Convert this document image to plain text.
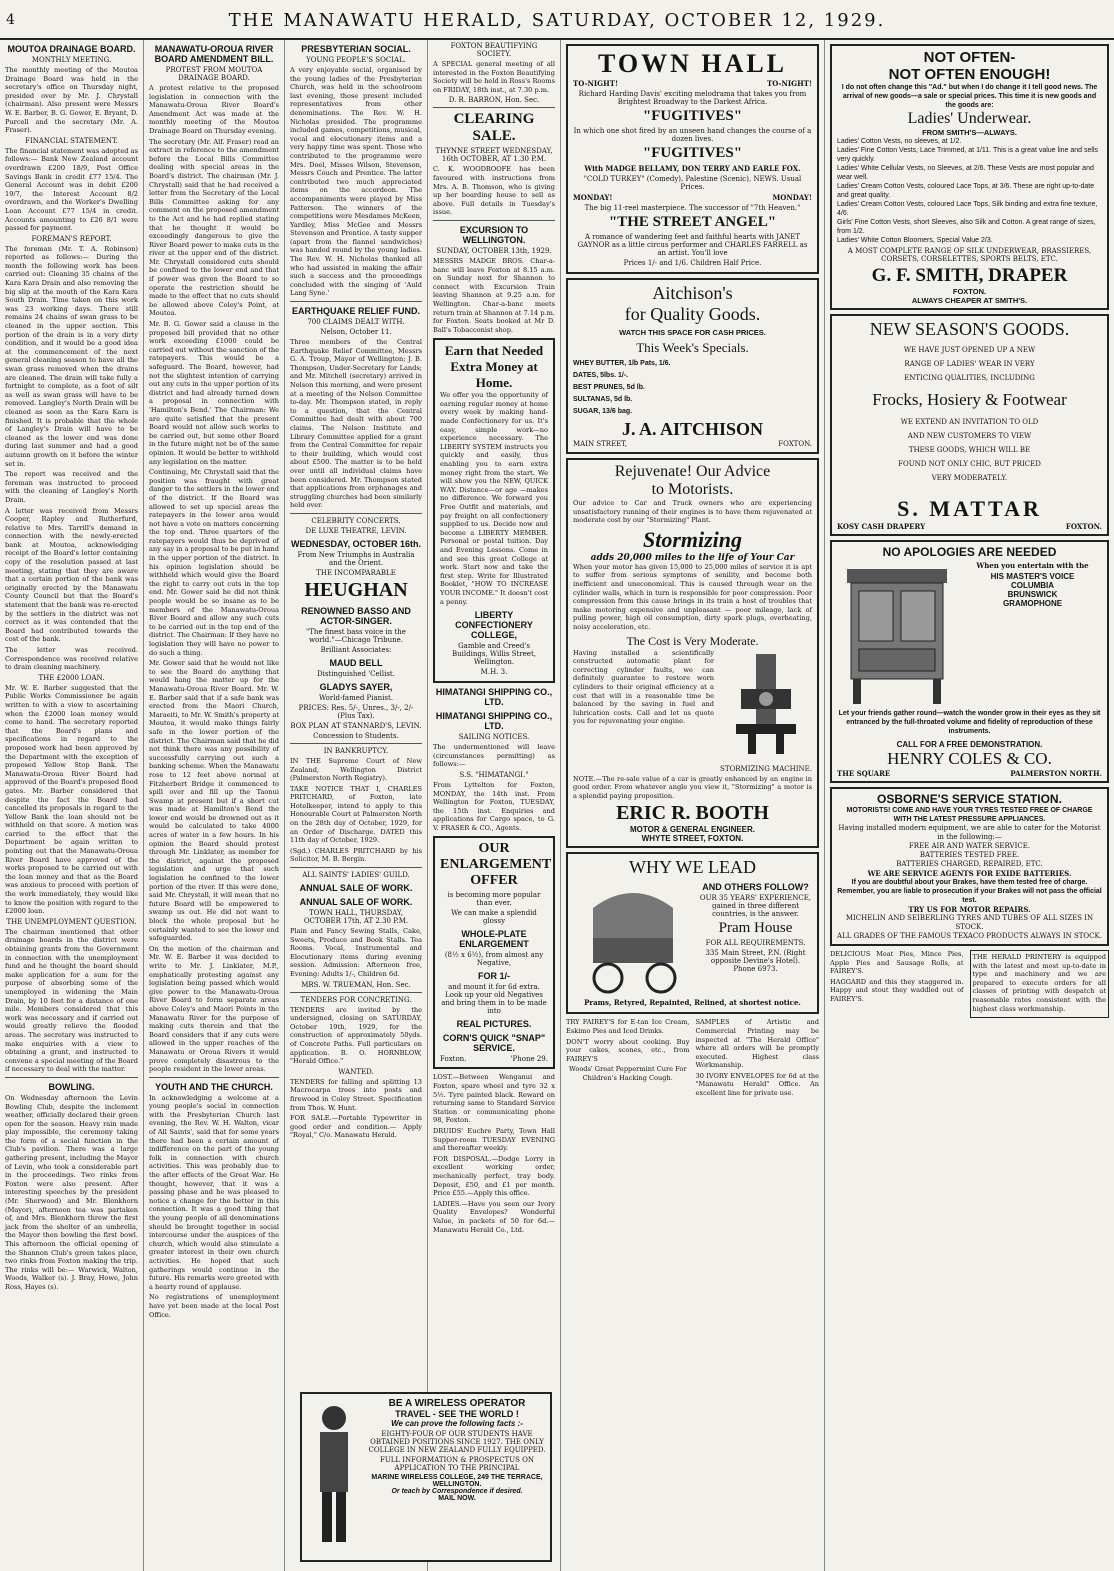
4	THE MANAWATU HERALD, SATURDAY, OCTOBER 12, 1929.
MOUTOA DRAINAGE BOARD.
MONTHLY MEETING.

The monthly meeting of the Moutoa Drainage Board was held in the secretary's office on Thursday night, presided over by Mr. J. Chrystall (chairman). Also present were Messrs W. E. Barber, B. G. Gower, E. Bryant, D. Purcell and the secretary (Mr. A. Fraser).

FINANCIAL STATEMENT.

The financial statement was adopted as follows:— Bank New Zealand account overdrawn £200 18/9, Post Office Savings Bank in credit £77 15/4. The General Account was in debit £200 19/7, the Interest Account 8/2 overdrawn, and the Worker's Dwelling Loan Account £77 15/4 in credit. Accounts amounting to £26 8/1 were passed for payment.

FOREMAN'S REPORT.

The foreman (Mr. T. A. Robinson) reported as follows:— During the month the following work has been carried out: Cleaning 35 chains of the Kara Kara Drain and also removing the big slip at the mouth of the Kara Kara South Drain. Time taken on this work was 23 working days. There still remains 24 chains of swan grass to be cleaned in the upper section. This portion of the drain is in a very dirty condition, and it would be a good idea at the commencement of the next general cleaning season to have all the swan grass removed when the drains are cleaned. The drain will take fully a fortnight to complete, as a foot of silt as well as swan grass will have to be removed. Langley's North Drain will be cleaned as soon as the Kara Kara is finished. It is probable that the whole of Langley's Drain will have to be cleaned as the lower end was done during last summer and had a good autumn growth on it before the winter set in.

The report was received and the foreman was instructed to proceed with the cleaning of Langley's North Drain.

A letter was received from Messrs Cooper, Rapley and Rutherfurd, relative to Mrs. Tarrill's demand in connection with the newly-erected bank at Moutoa, acknowledging receipt of the Board's letter containing copy of the resolution passed at last meeting, stating that they are aware that a certain portion of the bank was originally erected by the Manawatu County Council but that the Board's statement that the bank was re-erected by the settlers in the district was not correct as it was contended that the Board had contributed towards the cost of the bank.

The letter was received. Correspondence was received relative to drain cleaning machinery.

THE £2000 LOAN.

Mr. W. E. Barber suggested that the Public Works Commissioner be again written to with a view to ascertaining when the £2000 loan money would come to hand. The secretary reported that the Board's plans and specifications in regard to the proposed work had been approved by the Department with the exception of proposed Yellow Stop Bank. The Manawatu-Oroua River Board had approved of the Board's proposed flood gates. Mr. Barber considered that despite the fact the Board had cancelled its proposals in regard to the Yellow Bank the loan should not be withheld on that score. A motion was carried to the effect that the Department be again written to pointing out that the Manawatu-Oroua River Board have approved of the works proposed to be carried out with the loan money and that as the Board was anxious to proceed with portion of the work immediately, they would like to know the position with regard to the £2000 loan.

THE UNEMPLOYMENT QUESTION.

The chairman mentioned that other drainage boards in the district were obtaining grants from the Government in connection with the unemployment fund and he thought the board should make application for a sum for the purpose of absorbing some of the unemployed in widening the Main Drain, by 10 feet for a distance of one mile. Members considered that this work was necessary and if carried out would greatly relieve the flooded areas. The secretary was instructed to make enquiries with a view to obtaining a grant, and instructed to convene a special meeting of the Board if necessary to deal with the matter.

BOWLING.

On Wednesday afternoon the Levin Bowling Club, despite the inclement weather, officially declared their green open for the season. Heavy rain made play impossible, the ceremony taking the form of a social function in the Club's pavilion. There was a large gathering present, including the Mayor of Levin, who took a considerable part in the proceedings. Two rinks from Foxton were also present. After interesting speeches by the president (Mr. Sherwood) and Mr. Blenkhorn (Mayor), afternoon tea was partaken of, and Mrs. Blenkhorn threw the first jack from the shelter of an umbrella, the Mayor then bowling the first bowl. This afternoon the official opening of the Shannon Club's green takes place, two rinks from Foxton making the trip. The rinks will be:— Warwick, Walton, Woods, Walker (s). J. Bray, Howe, John Ross, Hayes (s).

MANAWATU-OROUA RIVER BOARD AMENDMENT BILL.
PROTEST FROM MOUTOA DRAINAGE BOARD.

A protest relative to the proposed legislation in connection with the Manawatu-Oroua River Board's Amendment Act was made at the monthly meeting of the Moutoa Drainage Board on Thursday evening.

The secretary (Mr. Alf. Fraser) read an extract in reference to the amendment before the Local Bills Committee dealing with special areas in the Board's district. The chairman (Mr. J. Chrystall) said that he had received a letter from the Secretary of the Local Bills Committee asking for any comment on the proposed amendment to the Act and he had replied stating that he thought it would be exceedingly dangerous to give the River Board power to make cuts in the river at the upper end of the district. Mr. Chrystall considered cuts should be confined to the lower end and that if power was given the Board to so operate the restriction should be made to the effect that no cuts should be allowed above Coley's Point, at Moutoa.

Mr. B. G. Gower said a clause in the proposed bill provided that no other work exceeding £1000 could be carried out without the sanction of the ratepayers. This would be a safeguard. The Board, however, had not the slightest intention of carrying out any cuts in the upper portion of its district and had already turned down a proposal in connection with 'Hamilton's Bend.' The Chairman: We are quite satisfied that the present Board would not allow such works to be carried out, but some other Board in the future might not be of the same opinion. It would be better to withhold any legislation on the matter.

Continuing, Mr. Chrystall said that the position was fraught with great danger to the settlers in the lower end of the district. If the Board was allowed to set up special areas the ratepayers in the lower area would not have a vote on matters concerning the top end. Three quarters of the ratepayers would thus be deprived of any say in a proposal to be put in hand in the upper portion of the district. In his opinion legislation should be withheld which would give the Board the right to carry out cuts in the top end. Mr. Gower said he did not think people would be so insane as to be members of the Manawatu-Oroua River Board and allow any such cuts to be carried out in the top end of the district. The Chairman: If they have no legislation they will have no power to do such a thing.

Mr. Gower said that he would not like to see the Board do anything that would hang the matter up for the Manawatu-Oroua River Board. Mr. W. E. Barber said that if a safe bank was erected from the Maori Church, Maraeiti, to Mr. W. Smith's property at Moutoa, it would make things fairly safe in the lower portion of the district. The Chairman said that he did not think there was any possibility of successfully carrying out such a banking scheme. When the Manawatu rose to 12 feet above normal at Fitzherbert Bridge it commenced to spill over and fill up the Taonui Swamp at present but if a short cut was made at Hamilton's Bend the lower end would be drowned out as it would be calculated to take 4000 acres of water in a few hours. In his opinion the Board should protest through Mr. Linklater, as member for the district, against the proposed legislation and urge that such legislation be confined to the lower portion of the river. If this were done, said Mr. Chrystall, it will mean that no future Board will be empowered to swamp us out. He did not want to block the whole proposal but he certainly wanted to see the lower end safeguarded.

On the motion of the chairman and Mr. W. E. Barber it was decided to write to Mr. J. Linklater, M.P., emphatically protesting against any legislation being passed which would give power to the Manawatu-Oroua River Board to form separate areas above Coley's and Maori Points in the Manawatu River for the purpose of making cuts therein and that the Board considers that if any cuts were allowed in the upper reaches of the Manawatu or Oroua Rivers it would prove completely disastrous to the people resident in the lower areas.

YOUTH AND THE CHURCH.

In acknowledging a welcome at a young people's social in connection with the Presbyterian Church last evening, the Rev. W. H. Walton, vicar of All Saints', said that for some years there had been a certain amount of indifference on the part of the young folk in connection with church activities. This was probably due to the after effects of the Great War. He thought, however, that it was a passing phase and he was pleased to notice a change for the better in this connection. It was a good thing that the young people of all denominations should be brought together in social intercourse under the auspices of the church, which would also stimulate a greater interest in their own church activities. He hoped that such gatherings would continue in the future. His remarks were greeted with a hearty round of applause.

No registrations of unemployment have yet been made at the local Post Office.

PRESBYTERIAN SOCIAL.
YOUNG PEOPLE'S SOCIAL.

A very enjoyable social, organised by the young ladies of the Presbyterian Church, was held in the schoolroom last evening, those present included representatives from other denominations. The Rev. W. H. Nicholas presided. The programme included games, competitions, musical, vocal and elocutionary items and a very happy time was spent. Those who contributed to the programme were Mrs. Doel, Misses Wilson, Stevenson, Messrs Couch and Prentice. The latter contributed two much appreciated items on the accordeon. The accompaniments were played by Miss Patterson. The winners of the competitions were Mesdames McKeen, Yardley, Miss McGee and Messrs Stevenson and Prentice. A tasty supper (apart from the flannel sandwiches) was handed round by the young ladies. The Rev. W. H. Nicholas thanked all who had assisted in making the affair such a success and the proceedings concluded with the singing of 'Auld Lang Syne.'

EARTHQUAKE RELIEF FUND.
700 CLAIMS DEALT WITH.
Nelson, October 11.

Three members of the Central Earthquake Relief Committee, Messrs G. A. Troup, Mayor of Wellington; J. B. Thompson, Under-Secretary for Lands; and Mr. Mitchell (secretary) arrived in Nelson this morning, and were present at a meeting of the Nelson Committee to-day. Mr. Thompson stated, in reply to a question, that the Central Committee had dealt with about 700 claims. The Nelson Institute and Library Committee applied for a grant from the Central Committee for repair to their building, which would cost about £500. The matter is to be held over until all individual claims have been considered. Mr. Thompson stated that applications from orphanages and struggling churches had been similarly held over.

CELEBRITY CONCERTS.
DE LUXE THEATRE, LEVIN.
WEDNESDAY, OCTOBER 16th.
From New Triumphs in Australia and the Orient.
THE INCOMPARABLE
HEUGHAN
RENOWNED BASSO AND ACTOR-SINGER.
"The finest bass voice in the world."—Chicago Tribune.
Brilliant Associates:
MAUD BELL
Distinguished 'Cellist.
GLADYS SAYER,
World-famed Pianist.
PRICES: Res. 5/-, Unres., 3/-, 2/- (Plus Tax).
BOX PLAN AT STANNARD'S, LEVIN.
Concession to Students.
IN BANKRUPTCY.

IN THE Supreme Court of New Zealand, Wellington District (Palmerston North Registry).

TAKE NOTICE THAT I, CHARLES PRITCHARD, of Foxton, late Hotelkeeper, intend to apply to this Honourable Court at Palmerston North on the 28th day of October, 1929, for an Order of Discharge. DATED this 11th day of October, 1929.

(Sgd.) CHARLES PRITCHARD by his Solicitor, M. B. Bergin.

ALL SAINTS' LADIES' GUILD.
ANNUAL SALE OF WORK.
ANNUAL SALE OF WORK.
TOWN HALL, THURSDAY, OCTOBER 17th, AT 2.30 P.M.

Plain and Fancy Sewing Stalls, Cake, Sweets, Produce and Book Stalls. Tea Rooms. Vocal, Instrumental and Elocutionary items during evening session. Admission: Afternoon free, Evening: Adults 1/-, Children 6d.

MRS. W. TRUEMAN, Hon. Sec.
TENDERS FOR CONCRETING.

TENDERS are invited by the undersigned, closing on SATURDAY, October 19th, 1929, for the construction of approximately 50yds. of Concrete Paths. Full particulars on application. B. O. HORNBLOW, "Herald Office."

WANTED.

TENDERS for falling and splitting 13 Macrocarpa trees into posts and firewood in Coley Street. Specification from Thos. W. Hunt.

FOR SALE.—Portable Typewriter in good order and condition.— Apply "Royal," C/o. Manawatu Herald.

FOXTON BEAUTIFYING SOCIETY.

A SPECIAL general meeting of all interested in the Foxton Beautifying Society will be held in Ross's Rooms on FRIDAY, 18th inst., at 7.30 p.m.

D. R. BARRON, Hon. Sec.
CLEARING SALE.
THYNNE STREET WEDNESDAY, 16th OCTOBER, AT 1.30 P.M.

C. K. WOODROOFE has been favoured with instructions from Mrs. A. B. Thomson, who is giving up her boarding house to sell as above. Full details in Tuesday's issue.

EXCURSION TO WELLINGTON.
SUNDAY, OCTOBER 13th, 1929.

MESSRS MADGE BROS. Char-a-banc will leave Foxton at 8.15 a.m. on Sunday next for Shannon to connect with Excursion Train leaving Shannon at 9.25 a.m. for Wellington. Char-a-banc meets return train at Shannon at 7.14 p.m. for Foxton. Seats booked at Mr D. Ball's Tobacconist shop.

Earn that Needed Extra Money at Home.

We offer you the opportunity of earning regular money at home every week by making hand-made Confectionery for us. It's easy, simple work—no experience necessary. The LIBERTY SYSTEM instructs you quickly and easily, thus enabling you to earn extra money right from the start. We will show you the NEW, QUICK WAY. Distance—or age —makes no difference. We forward you Free Outfit and materials, and pay freight on all confectionery supplied to us. Decide now and become a LIBERTY MEMBER. Personal or postal tuition. Day and Evening Lessons. Come in and see this great College at work. Start now and take the first step. Write for Illustrated Booklet, "HOW TO INCREASE YOUR INCOME." It doesn't cost a penny.

LIBERTY CONFECTIONERY COLLEGE,
Gamble and Creed's Buildings, Willis Street, Wellington.
M.H. 3.
HIMATANGI SHIPPING CO., LTD.
HIMATANGI SHIPPING CO., LTD.
SAILING NOTICES.

The undermentioned will leave (circumstances permitting) as follows:—

S.S. "HIMATANGI."

From Lyttelton for Foxton, MONDAY, the 14th inst. From Wellington for Foxton, TUESDAY, the 15th inst. Enquiries and applications for Cargo space, to G. V. FRASER & CO., Agents.

OUR
ENLARGEMENT
OFFER
is becoming more popular than ever.
We can make a splendid glossy
WHOLE-PLATE ENLARGEMENT
(8½ x 6½), from almost any Negative,
FOR 1/-
and mount it for 6d extra. Look up your old Negatives and bring them in to be made into
REAL PICTURES.
CORN'S QUICK "SNAP" SERVICE.
Foxton.	'Phone 29.

LOST.—Between Wenganui and Foxton, spare wheel and tyre 32 x 5½. Tyre painted black. Reward on returning same to Standard Service Station or communicating phone 98, Foxton.

DRUIDS' Euchre Party, Town Hall Supper-room TUESDAY EVENING and thereafter weekly.

FOR DISPOSAL.—Dodge Lorry in excellent working order, mechanically perfect, tray body. Deposit, £50, and £1 per month. Price £55.—Apply this office.

LADIES.—Have you seen our Ivory Quality Envelopes? Wonderful Value, in packets of 50 for 6d.—Manawatu Herald Co., Ltd.

BE A WIRELESS OPERATOR
TRAVEL - SEE THE WORLD !
We can prove the following facts :-
EIGHTY-FOUR OF OUR STUDENTS HAVE OBTAINED POSITIONS SINCE 1927. THE ONLY COLLEGE IN NEW ZEALAND FULLY EQUIPPED.
FULL INFORMATION & PROSPECTUS ON APPLICATION TO THE PRINCIPAL
MARINE WIRELESS COLLEGE, 249 THE TERRACE, WELLINGTON.
Or teach by Correspondence if desired.
MAIL NOW.
TOWN HALL
TO-NIGHT!	TO-NIGHT!
Richard Harding Davis' exciting melodrama that takes you from Brightest Broadway to the Darkest Africa.
"FUGITIVES"
In which one shot fired by an unseen hand changes the course of a dozen lives.
"FUGITIVES"
With MADGE BELLAMY, DON TERRY AND EARLE FOX.
"COLD TURKEY" (Comedy), Palestine (Scenic), NEWS. Usual Prices.
MONDAY!	MONDAY!
The big 11-reel masterpiece. The successor of "7th Heaven."
"THE STREET ANGEL"
A romance of wandering feet and faithful hearts with JANET GAYNOR as a little circus performer and CHARLES FARRELL as an artist. You'll love
Prices 1/- and 1/6. Children Half Price.
Aitchison's
for Quality Goods.
WATCH THIS SPACE FOR CASH PRICES.
This Week's Specials.
WHEY BUTTER, 1lb Pats, 1/6.
DATES, 5lbs. 1/-.
BEST PRUNES, 5d lb.
SULTANAS, 5d lb.
SUGAR, 13/6 bag.
J. A. AITCHISON
MAIN STREET,	FOXTON.
Rejuvenate! Our Advice
to Motorists.

Our advice to Car and Truck owners who are experiencing unsatisfactory running of their engines is to have them rejuvenated at moderate cost by our "Stormizing" Plant.

Stormizing
adds 20,000 miles to the life of Your Car

When your motor has given 15,000 to 25,000 miles of service it is apt to suffer from serious symptoms of senility, and become both inefficient and uneconomical. This is caused through wear on the cylinder walls, which in turn is responsible for poor compression. Poor compression from this cause brings in its train a host of troubles that make motoring expensive and unpleasant — poor mileage, lack of pulling power, high oil consumption, dirty spark plugs, overheating, noisy acceleration, etc.

The Cost is Very Moderate.

Having installed a scientifically constructed automatic plant for correcting cylinder faults, we can definitely guarantee to restore worn cylinders to their original efficiency at a cost that will in a reasonable time be balanced by the saving in fuel and lubrication costs. Call and let us quote you for rejuvenating your engine.

STORMIZING MACHINE.

NOTE.—The re-sale value of a car is greatly enhanced by an engine in good order. From whatever angle you view it, "Stormizing" a motor is a splendid paying proposition.

ERIC R. BOOTH
MOTOR & GENERAL ENGINEER.
WHYTE STREET, FOXTON.
WHY WE LEAD
AND OTHERS FOLLOW?
OUR 35 YEARS' EXPERIENCE, gained in three different countries, is the answer.
Pram House
FOR ALL REQUIREMENTS.
335 Main Street, P.N. (Right opposite Devine's Hotel). Phone 6973.
Prams, Retyred, Repainted, Relined, at shortest notice.

TRY FAIREY'S for E-tan Ice Cream, Eskimo Pies and Iced Drinks.

DON'T worry about cooking. Buy your cakes, scones, etc., from FAIREY'S

Woods' Great Peppermint Cure For Children's Hacking Cough.

SAMPLES of Artistic and Commercial Printing may be inspected at "The Herald Office" where all orders will be promptly executed. Highest class Workmanship.

30 IVORY ENVELOPES for 6d at the "Manawatu Herald" Office. An excellent line for private use.

NOT OFTEN-
NOT OFTEN ENOUGH!
I do not often change this "Ad." but when I do change it I tell good news. The arrival of new goods—a sale or special prices. This time it is new goods and the goods are:
Ladies' Underwear.
FROM SMITH'S—ALWAYS.
Ladies' Cotton Vests, no sleeves, at 1/2.
Ladies' Fine Cotton Vests, Lace Trimmed, at 1/11. This is a great value line and sells very quickly.
Ladies' White Cellular Vests, no Sleeves, at 2/6. These Vests are most popular and wear well.
Ladies' Cream Cotton Vests, coloured Lace Tops, at 3/6. These are right up-to-date and great quality.
Ladies' Cream Cotton Vests, coloured Lace Tops, Silk binding and extra fine texture, 4/6.
Girls' Fine Cotton Vests, short Sleeves, also Silk and Cotton. A great range of sizes, from 1/2.
Ladies' White Cotton Bloomers, Special Value 2/3.
A MOST COMPLETE RANGE OF SILK UNDERWEAR, BRASSIERES, CORSETS, CORSELETTES, SPORTS BELTS, ETC.
G. F. SMITH, DRAPER
FOXTON.
ALWAYS CHEAPER AT SMITH'S.
NEW SEASON'S GOODS.
WE HAVE JUST OPENED UP A NEW
RANGE OF LADIES' WEAR IN VERY
ENTICING QUALITIES, INCLUDING
Frocks, Hosiery & Footwear
WE EXTEND AN INVITATION TO OLD
AND NEW CUSTOMERS TO VIEW
THESE GOODS, WHICH WILL BE
FOUND NOT ONLY CHIC, BUT PRICED
VERY MODERATELY.
S. MATTAR
KOSY CASH DRAPERY	FOXTON.
NO APOLOGIES ARE NEEDED
When you entertain with the
HIS MASTER'S VOICE
COLUMBIA
BRUNSWICK
GRAMOPHONE
Let your friends gather round—watch the wonder grow in their eyes as they sit entranced by the full-throated volume and fidelity of reproduction of these instruments.
CALL FOR A FREE DEMONSTRATION.
HENRY COLES & CO.
THE SQUARE	PALMERSTON NORTH.
OSBORNE'S SERVICE STATION.
MOTORISTS! COME AND HAVE YOUR TYRES TESTED FREE OF CHARGE WITH THE LATEST PRESSURE APPLIANCES.
Having installed modern equipment, we are able to cater for the Motorist in the following:—
FREE AIR AND WATER SERVICE.
BATTERIES TESTED FREE.
BATTERIES CHARGED, REPAIRED, ETC.
WE ARE SERVICE AGENTS FOR EXIDE BATTERIES.
If you are doubtful about your Brakes, have them tested free of charge. Remember, you are liable to prosecution if your Brakes will not pass the official test.
TRY US FOR MOTOR REPAIRS.
MICHELIN AND SEIBERLING TYRES AND TUBES OF ALL SIZES IN STOCK.
ALL GRADES OF THE FAMOUS TEXACO PRODUCTS ALWAYS IN STOCK.

DELICIOUS Meat Pies, Mince Pies, Apple Pies and Sausage Rolls, at FAIREY'S.

HAGGARD and this they staggered in. Happy and stout they waddled out of FAIREY'S.

THE HERALD PRINTERY is equipped with the latest and most up-to-date in type and machinery and we are prepared to execute orders for all classes of printing with despatch at reasonable rates consistent with the highest class workmanship.
